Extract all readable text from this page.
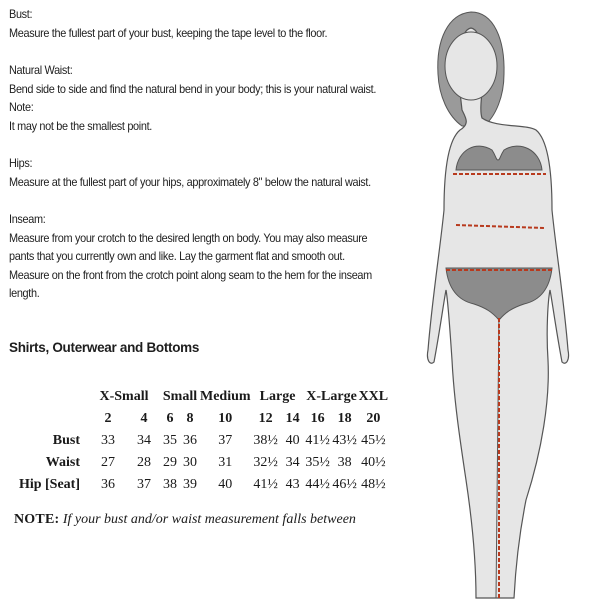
Bust:

Measure the fullest part of your bust, keeping the tape level to the floor.

Natural Waist:

Bend side to side and find the natural bend in your body; this is your natural waist.

Note:

It may not be the smallest point.

Hips:

Measure at the fullest part of your hips, approximately 8" below the natural waist.

Inseam:

Measure from your crotch to the desired length on body. You may also measure

pants that you currently own and like. Lay the garment flat and smooth out.

Measure on the front from the crotch point along seam to the hem for the inseam

length.

Shirts, Outerwear and Bottoms
	X-Small		Small		Medium	Large		X-Large		XXL
	2	4	6	8	10	12	14	16	18	20
Bust	33	34	35	36	37	38½	40	41½	43½	45½
Waist	27	28	29	30	31	32½	34	35½	38	40½
Hip [Seat]	36	37	38	39	40	41½	43	44½	46½	48½
NOTE: If your bust and/or waist measurement falls between
